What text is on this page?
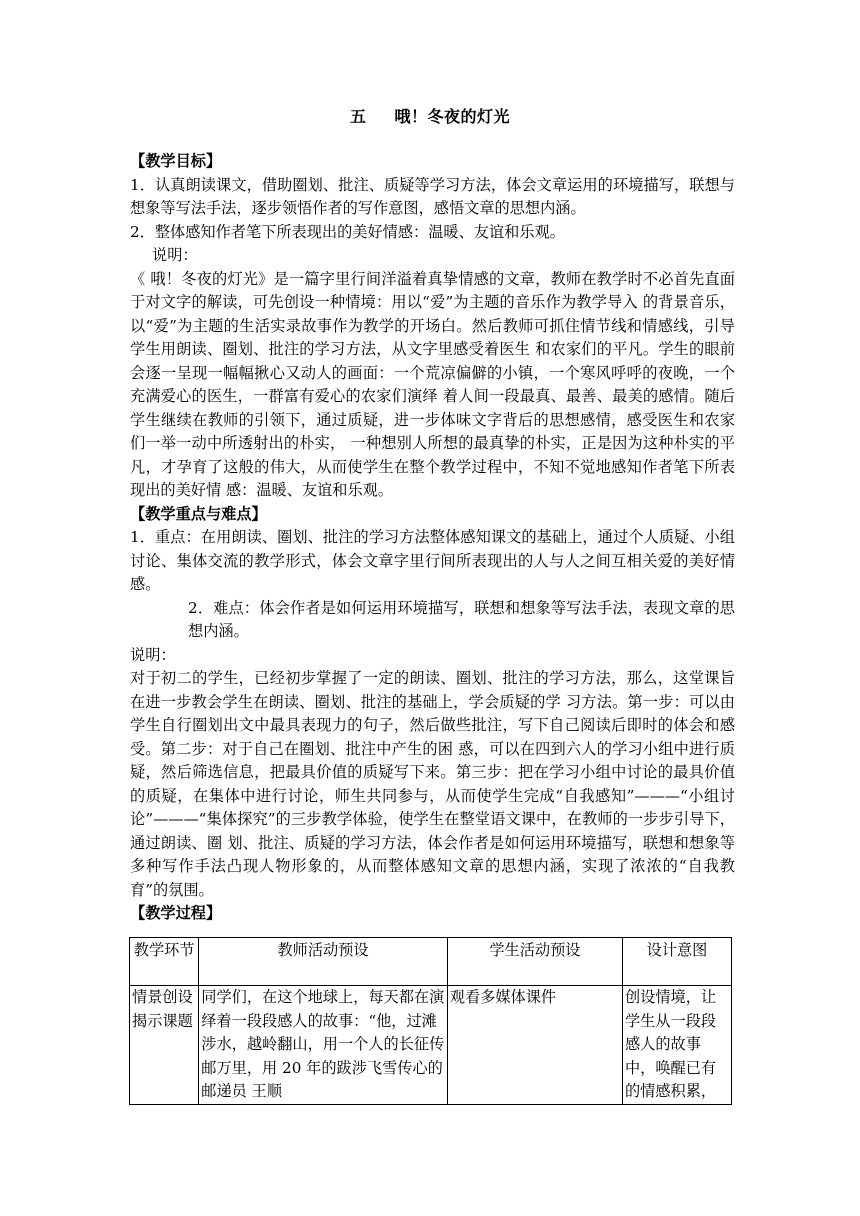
五 哦！冬夜的灯光

【教学目标】

1．认真朗读课文，借助圈划、批注、质疑等学习方法，体会文章运用的环境描写，联想与想象等写法手法，逐步领悟作者的写作意图，感悟文章的思想内涵。

2．整体感知作者笔下所表现出的美好情感：温暖、友谊和乐观。

说明：

《 哦！冬夜的灯光》是一篇字里行间洋溢着真挚情感的文章，教师在教学时不必首先直面于对文字的解读，可先创设一种情境：用以“爱”为主题的音乐作为教学导入 的背景音乐，以“爱”为主题的生活实录故事作为教学的开场白。然后教师可抓住情节线和情感线，引导学生用朗读、圈划、批注的学习方法，从文字里感受着医生 和农家们的平凡。学生的眼前会逐一呈现一幅幅揪心又动人的画面：一个荒凉偏僻的小镇，一个寒风呼呼的夜晚，一个充满爱心的医生，一群富有爱心的农家们演绎 着人间一段最真、最善、最美的感情。随后学生继续在教师的引领下，通过质疑，进一步体味文字背后的思想感情，感受医生和农家们一举一动中所透射出的朴实， 一种想别人所想的最真挚的朴实，正是因为这种朴实的平凡，才孕育了这般的伟大，从而使学生在整个教学过程中，不知不觉地感知作者笔下所表现出的美好情 感：温暖、友谊和乐观。

【教学重点与难点】

1．重点：在用朗读、圈划、批注的学习方法整体感知课文的基础上，通过个人质疑、小组讨论、集体交流的教学形式，体会文章字里行间所表现出的人与人之间互相关爱的美好情感。

2．难点：体会作者是如何运用环境描写，联想和想象等写法手法，表现文章的思想内涵。

说明：

对于初二的学生，已经初步掌握了一定的朗读、圈划、批注的学习方法，那么，这堂课旨在进一步教会学生在朗读、圈划、批注的基础上，学会质疑的学 习方法。第一步：可以由学生自行圈划出文中最具表现力的句子，然后做些批注，写下自己阅读后即时的体会和感受。第二步：对于自己在圈划、批注中产生的困 惑，可以在四到六人的学习小组中进行质疑，然后筛选信息，把最具价值的质疑写下来。第三步：把在学习小组中讨论的最具价值的质疑，在集体中进行讨论，师生共同参与，从而使学生完成“自我感知”———“小组讨论”———“集体探究”的三步教学体验，使学生在整堂语文课中，在教师的一步步引导下，通过朗读、圈 划、批注、质疑的学习方法，体会作者是如何运用环境描写，联想和想象等多种写作手法凸现人物形象的，从而整体感知文章的思想内涵，实现了浓浓的“自我教 育”的氛围。

【教学过程】

教学环节	教师活动预设	学生活动预设	设计意图
情景创设揭示课题	同学们，在这个地球上，每天都在演绎着一段段感人的故事：“他，过滩涉水，越岭翻山，用一个人的长征传邮万里，用 20 年的跋涉飞雪传心的邮递员 王顺	观看多媒体课件	创设情境，让学生从一段段感人的故事中，唤醒已有的情感积累，
